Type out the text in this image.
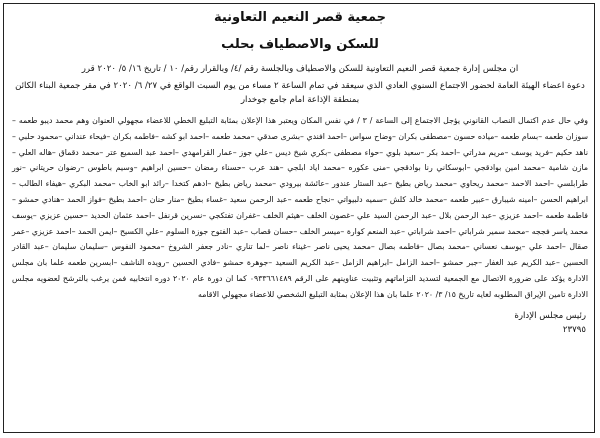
جمعية قصر النعيم التعاونية

للسكن والاصطياف بحلب

ان مجلس إدارة جمعية قصر النعيم التعاونية للسكن والاصطياف وبالجلسة رقم /٤/ وبالقرار رقم/ ١٠ / تاريخ ١٦/ ٥/ ٢٠٢٠ قرر

دعوة اعضاء الهيئة العامة لحضور الاجتماع السنوي العادي الذي سيعقد في تمام الساعة ٢ مساء من يوم السبت الواقع في ٢٧/ ٦/ ٢٠٢٠ في مقر جمعية البناء الكائن بمنطقة الإذاعة امام جامع جوخدار

وفي حال عدم اكتمال النصاب القانوني يؤجل الاجتماع إلى الساعة / ٣ / في نفس المكان ويعتبر هذا الإعلان بمثابة التبليغ الخطي للاعضاء مجهولي العنوان وهم محمد ديبو طعمه –سوزان طعمه –بسام طعمه –مياده حسون –مصطفى بكران –وضاح سواس –احمد افندي –بشرى صدقي –محمد طعمه –احمد ابو كشه –فاطمه بكران –فيحاء عنداني –محمود حلبي –ناهد حكيم –فريد يوسف –مريم مدراتي –احمد بكر –سعيد بلوي –حواء مصطفى –بكري شيخ ديس –علي جوز –عمار القرامهدي –احمد عبد السميع عتر –محمد دقماق –هاله العلي –مازن شامية –محمد امين بوادقجي –ابوسكاني رنا بوادقجي –منى عكوره –محمد اياد ابلجي –هند عرب –حسناء رمضان –حسين ابراهيم –وسيم باطوس –رضوان حريتاني –نور طرابلسي –احمد الاحمد –محمد ريحاوي –محمد رياض بطيخ –عبد الستار عندور –عائشة بيرودي –محمد رياض بطيخ –ادهم كتخدا –رائد ابو الخاب –محمد البكري –هيفاء الطالب –ابراهيم الحسن –امينه شيبارق –عبير طعمه –محمد خالد كلش –سميه دلبيواتي –نجاح طعمه –عبد الرحمن سعيد –غساء بطيخ –منار حنان –احمد بطيخ –فواز الحمد –هنادي حمشو –فاطمة طعمه –احمد عزيزي –عبد الرحمن بلال –عبد الرحمن السيد علي –غصون الخلف –هيثم الخلف –غفران تفتكجي –نسرين قرنفل –احمد عثمان الحديد –حسين عزيزي –يوسف محمد ياسر فججه –محمد سمير شراباتي –احمد شراباتي –عبد المنعم كوارة –ميسر الخلف –حسان قصاب –عبد الفتوح جوزة السلوم –علي الكسيح –ايمن الحمد –احمد عزيزي –عمر صقال –احمد علي –يوسف نعساني –محمد بصال –فاطمه بصال –محمد يحيى ناصر –غيناء ناصر –لما تناري –نادر جعفر الشروخ –محمود النفوس –سليمان سليمان –عبد القادر الحسين –عبد الكريم عبد الغفار –جبر حمشو –احمد الزامل –ابراهيم الزامل –عبد الكريم السعيد –جوهرة حمشو –فادي الحسين –رويده الناشف –ابسرين طعمه علما بان مجلس الادارة يؤكد على ضرورة الاتصال مع الجمعية لتسديد التزاماتهم وتثبيت عناوينهم على الرقم ٠٩٣٣٦٦١٤٨٩ كما ان دورة عام ٢٠٢٠ دوره انتخابيه فمن يرغب بالترشح لعضويه مجلس الادارة تامين الإيراق المطلوبه لغايه تاريخ ١٥/ ٣/ ٢٠٢٠ علما بان هذا الإعلان بمثابة التبليغ الشخصي للاعضاء مجهولي الاقامه

رئيس مجلس الإدارة

٢٣٧٩٥
